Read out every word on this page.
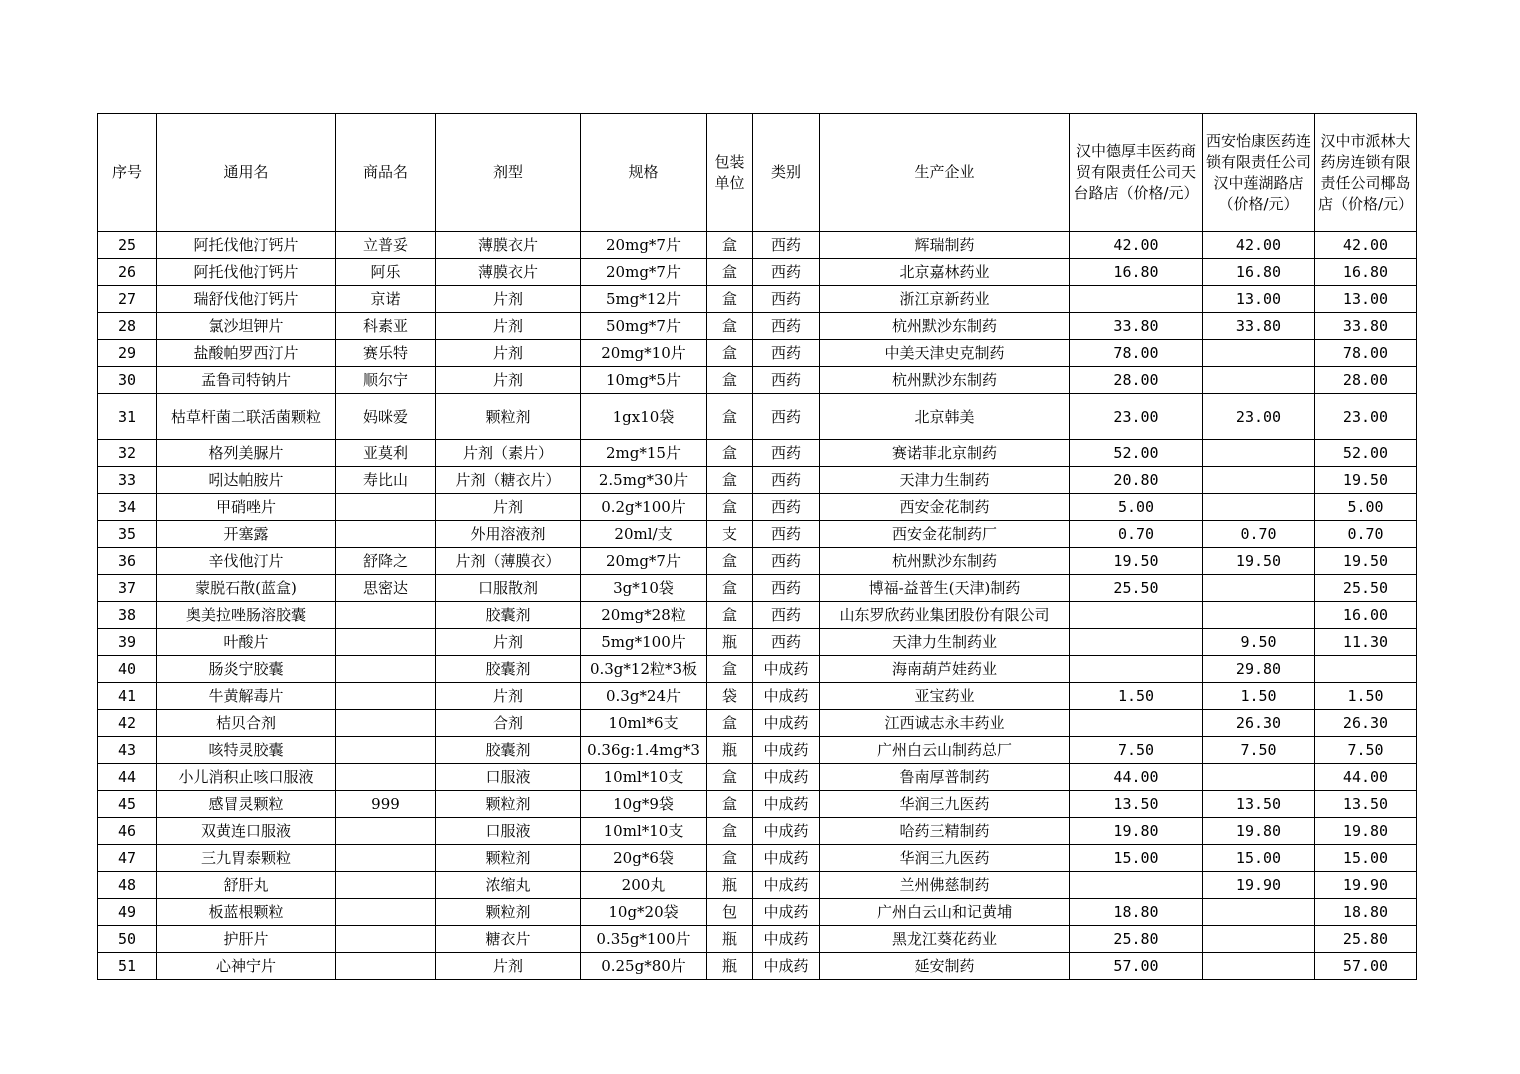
序号	通用名	商品名	剂型	规格	包装单位	类别	生产企业	汉中德厚丰医药商贸有限责任公司天台路店（价格/元）	西安怡康医药连锁有限责任公司汉中莲湖路店（价格/元）	汉中市派林大药房连锁有限责任公司椰岛店（价格/元）
25	阿托伐他汀钙片	立普妥	薄膜衣片	20mg*7片	盒	西药	辉瑞制药	42.00	42.00	42.00
26	阿托伐他汀钙片	阿乐	薄膜衣片	20mg*7片	盒	西药	北京嘉林药业	16.80	16.80	16.80
27	瑞舒伐他汀钙片	京诺	片剂	5mg*12片	盒	西药	浙江京新药业		13.00	13.00
28	氯沙坦钾片	科素亚	片剂	50mg*7片	盒	西药	杭州默沙东制药	33.80	33.80	33.80
29	盐酸帕罗西汀片	赛乐特	片剂	20mg*10片	盒	西药	中美天津史克制药	78.00		78.00
30	孟鲁司特钠片	顺尔宁	片剂	10mg*5片	盒	西药	杭州默沙东制药	28.00		28.00
31	枯草杆菌二联活菌颗粒	妈咪爱	颗粒剂	1gx10袋	盒	西药	北京韩美	23.00	23.00	23.00
32	格列美脲片	亚莫利	片剂（素片）	2mg*15片	盒	西药	赛诺菲北京制药	52.00		52.00
33	吲达帕胺片	寿比山	片剂（糖衣片）	2.5mg*30片	盒	西药	天津力生制药	20.80		19.50
34	甲硝唑片		片剂	0.2g*100片	盒	西药	西安金花制药	5.00		5.00
35	开塞露		外用溶液剂	20ml/支	支	西药	西安金花制药厂	0.70	0.70	0.70
36	辛伐他汀片	舒降之	片剂（薄膜衣）	20mg*7片	盒	西药	杭州默沙东制药	19.50	19.50	19.50
37	蒙脱石散(蓝盒)	思密达	口服散剂	3g*10袋	盒	西药	博福-益普生(天津)制药	25.50		25.50
38	奥美拉唑肠溶胶囊		胶囊剂	20mg*28粒	盒	西药	山东罗欣药业集团股份有限公司			16.00
39	叶酸片		片剂	5mg*100片	瓶	西药	天津力生制药业		9.50	11.30
40	肠炎宁胶囊		胶囊剂	0.3g*12粒*3板	盒	中成药	海南葫芦娃药业		29.80	
41	牛黄解毒片		片剂	0.3g*24片	袋	中成药	亚宝药业	1.50	1.50	1.50
42	桔贝合剂		合剂	10ml*6支	盒	中成药	江西诚志永丰药业		26.30	26.30
43	咳特灵胶囊		胶囊剂	0.36g:1.4mg*3	瓶	中成药	广州白云山制药总厂	7.50	7.50	7.50
44	小儿消积止咳口服液		口服液	10ml*10支	盒	中成药	鲁南厚普制药	44.00		44.00
45	感冒灵颗粒	999	颗粒剂	10g*9袋	盒	中成药	华润三九医药	13.50	13.50	13.50
46	双黄连口服液		口服液	10ml*10支	盒	中成药	哈药三精制药	19.80	19.80	19.80
47	三九胃泰颗粒		颗粒剂	20g*6袋	盒	中成药	华润三九医药	15.00	15.00	15.00
48	舒肝丸		浓缩丸	200丸	瓶	中成药	兰州佛慈制药		19.90	19.90
49	板蓝根颗粒		颗粒剂	10g*20袋	包	中成药	广州白云山和记黄埔	18.80		18.80
50	护肝片		糖衣片	0.35g*100片	瓶	中成药	黑龙江葵花药业	25.80		25.80
51	心神宁片		片剂	0.25g*80片	瓶	中成药	延安制药	57.00		57.00
